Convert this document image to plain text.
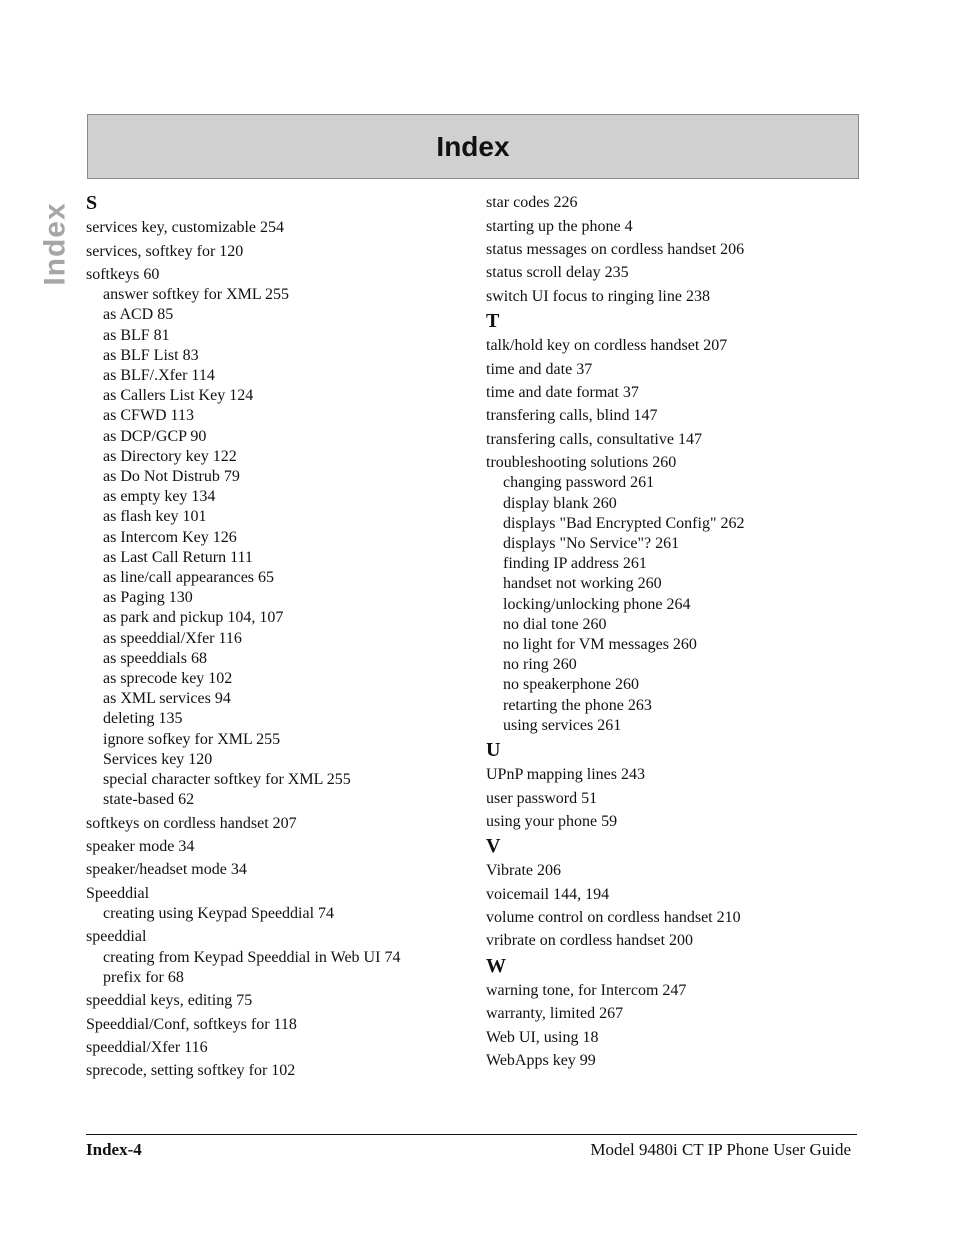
Index
Index S
services key, customizable 254
services, softkey for 120
softkeys 60
answer softkey for XML 255
as ACD 85
as BLF 81
as BLF List 83
as BLF/.Xfer 114
as Callers List Key 124
as CFWD 113
as DCP/GCP 90
as Directory key 122
as Do Not Distrub 79
as empty key 134
as flash key 101
as Intercom Key 126
as Last Call Return 111
as line/call appearances 65
as Paging 130
as park and pickup 104, 107
as speeddial/Xfer 116
as speeddials 68
as sprecode key 102
as XML services 94
deleting 135
ignore sofkey for XML 255
Services key 120
special character softkey for XML 255
state-based 62
softkeys on cordless handset 207
speaker mode 34
speaker/headset mode 34
Speeddial
creating using Keypad Speeddial 74
speeddial
creating from Keypad Speeddial in Web UI 74
prefix for 68
speeddial keys, editing 75
Speeddial/Conf, softkeys for 118
speeddial/Xfer 116
sprecode, setting softkey for 102
star codes 226
starting up the phone 4
status messages on cordless handset 206
status scroll delay 235
switch UI focus to ringing line 238
T
talk/hold key on cordless handset 207
time and date 37
time and date format 37
transfering calls, blind 147
transfering calls, consultative 147
troubleshooting solutions 260
changing password 261
display blank 260
displays "Bad Encrypted Config" 262
displays "No Service"? 261
finding IP address 261
handset not working 260
locking/unlocking phone 264
no dial tone 260
no light for VM messages 260
no ring 260
no speakerphone 260
retarting the phone 263
using services 261
U
UPnP mapping lines 243
user password 51
using your phone 59
V
Vibrate 206
voicemail 144, 194
volume control on cordless handset 210
vribrate on cordless handset 200
W
warning tone, for Intercom 247
warranty, limited 267
Web UI, using 18
WebApps key 99
Index-4	Model 9480i CT IP Phone User Guide
